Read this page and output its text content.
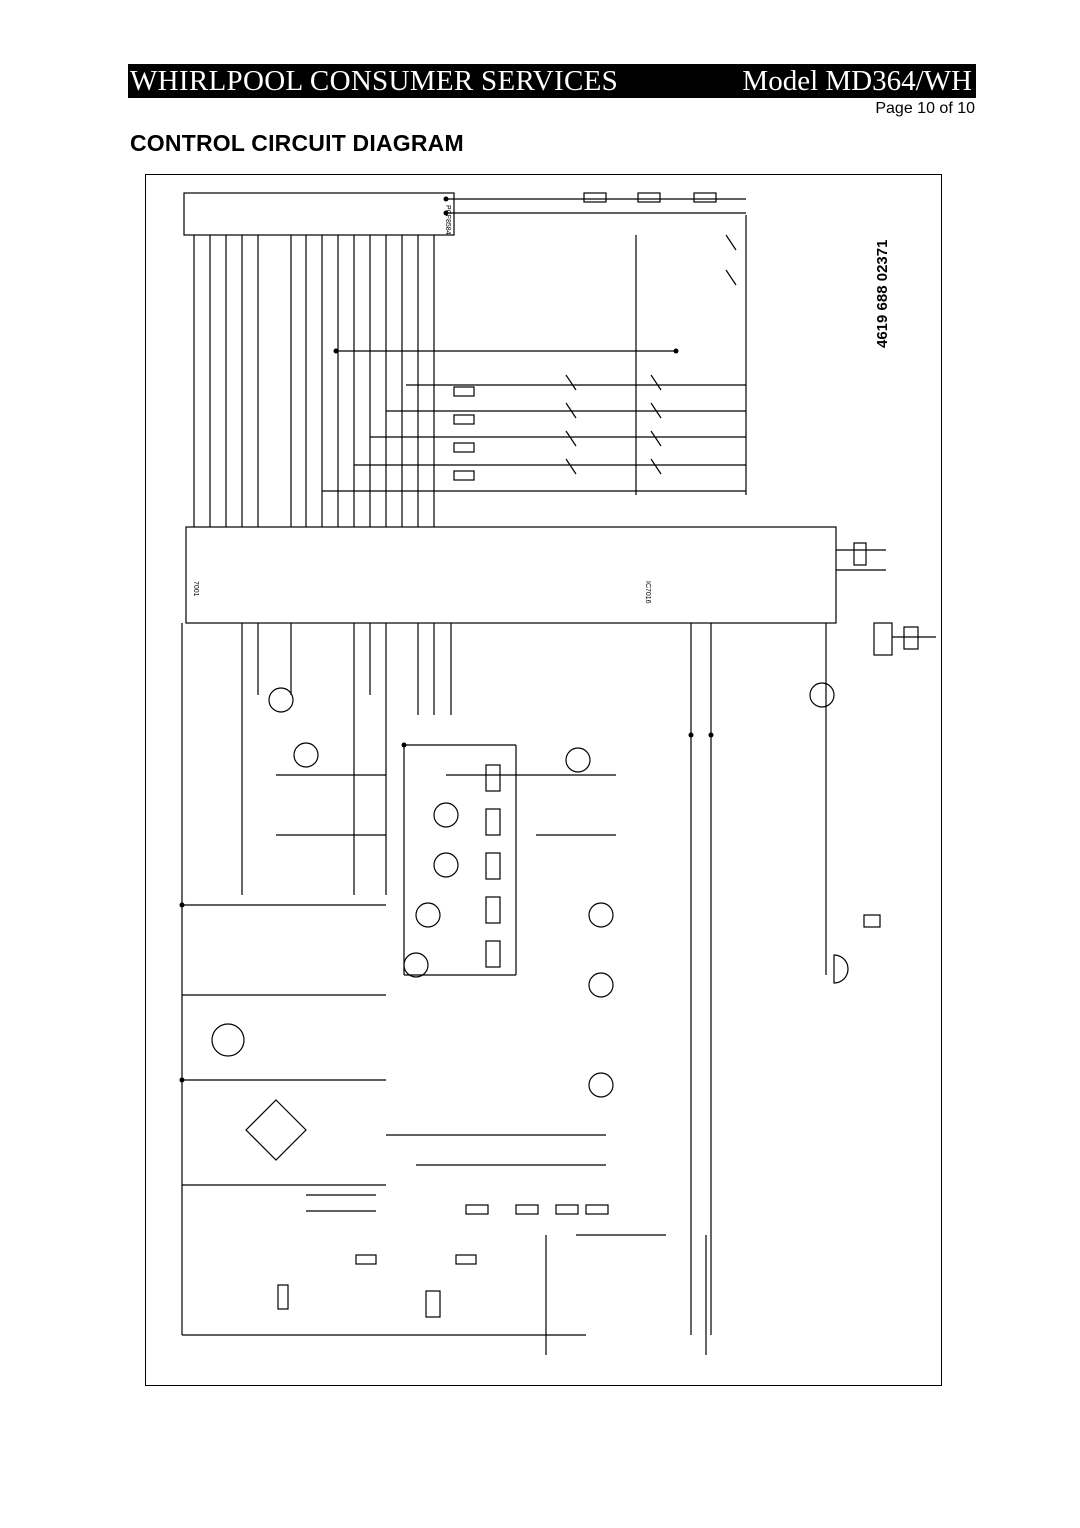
WHIRLPOOL CONSUMER SERVICES	Model MD364/WH
Page 10 of 10
CONTROL CIRCUIT DIAGRAM
PCF8584
IC7016
7001
4619 688 02371
